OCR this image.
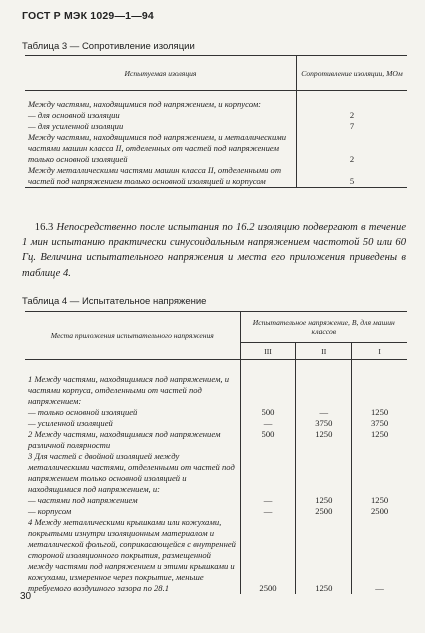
ГОСТ Р МЭК 1029—1—94
Таблица 3 — Сопротивление изоляции
Испытуемая изоляция	Сопротивление изоляции, МОм
Между частями, находящимися под напряжением, и корпусом:	
— для основной изоляции	2
— для усиленной изоляции	7
Между частями, находящимися под напряжением, и металлическими частями машин класса II, отделенных от частей под напряжением только основной изоляцией	2
Между металлическими частями машин класса II, отделенными от частей под напряжением только основной изоляцией и корпусом	5
16.3 Непосредственно после испытания по 16.2 изоляцию подвергают в течение 1 мин испытанию практически синусоидальным напряжением частотой 50 или 60 Гц. Величина испытательного напряжения и места его приложения приведены в таблице 4.
Таблица 4 — Испытательное напряжение
Места приложения испытательного напряжения	Испытательное напряжение, В, для машин классов		
	III	II	I
1 Между частями, находящимися под напряжением, и частями корпуса, отделенными от частей под напряжением:			
— только основной изоляцией	500	—	1250
— усиленной изоляцией	—	3750	3750
2 Между частями, находящимися под напряжением различной полярности	500	1250	1250
3 Для частей с двойной изоляцией между металлическими частями, отделенными от частей под напряжением только основной изоляцией и находящимися под напряжением, и:			
— частями под напряжением	—	1250	1250
— корпусом	—	2500	2500
4 Между металлическими крышками или кожухами, покрытыми изнутри изоляционным материалом и металлической фольгой, соприкасающейся с внутренней стороной изоляционного покрытия, размещенной между частями под напряжением и этими крышками и кожухами, измеренное через покрытие, меньше требуемого воздушного зазора по 28.1	2500	1250	—
30
